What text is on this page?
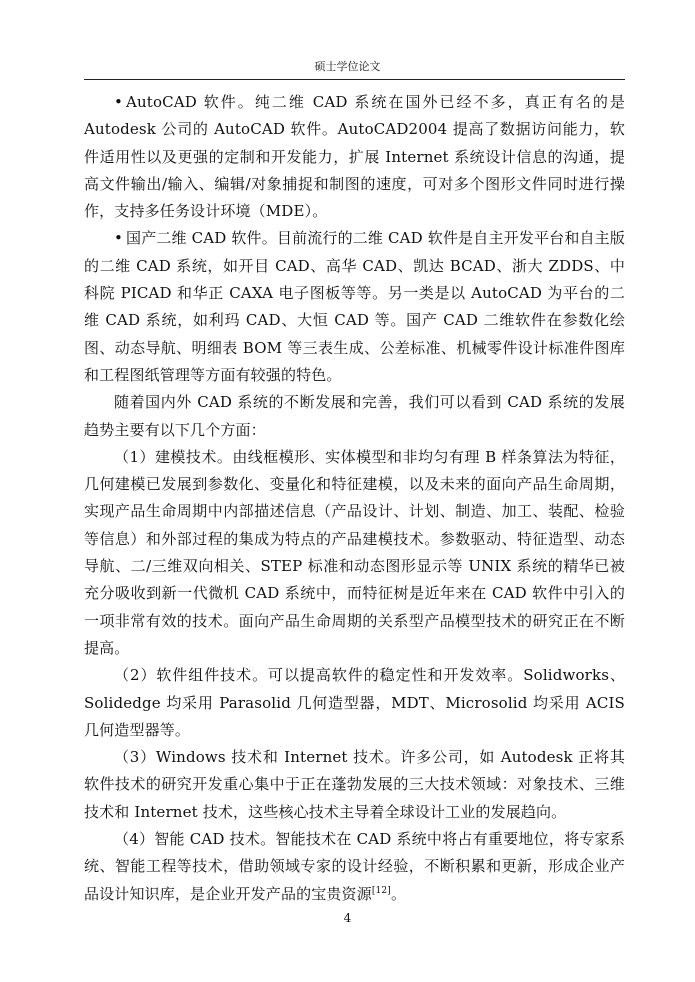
硕士学位论文

• AutoCAD 软件。纯二维 CAD 系统在国外已经不多，真正有名的是 Autodesk 公司的 AutoCAD 软件。AutoCAD2004 提高了数据访问能力，软件适用性以及更强的定制和开发能力，扩展 Internet 系统设计信息的沟通，提高文件输出/输入、编辑/对象捕捉和制图的速度，可对多个图形文件同时进行操作，支持多任务设计环境（MDE）。

• 国产二维 CAD 软件。目前流行的二维 CAD 软件是自主开发平台和自主版的二维 CAD 系统，如开目 CAD、高华 CAD、凯达 BCAD、浙大 ZDDS、中科院 PICAD 和华正 CAXA 电子图板等等。另一类是以 AutoCAD 为平台的二维 CAD 系统，如利玛 CAD、大恒 CAD 等。国产 CAD 二维软件在参数化绘图、动态导航、明细表 BOM 等三表生成、公差标准、机械零件设计标准件图库和工程图纸管理等方面有较强的特色。

随着国内外 CAD 系统的不断发展和完善，我们可以看到 CAD 系统的发展趋势主要有以下几个方面：

（1）建模技术。由线框模形、实体模型和非均匀有理 B 样条算法为特征，几何建模已发展到参数化、变量化和特征建模，以及未来的面向产品生命周期，实现产品生命周期中内部描述信息（产品设计、计划、制造、加工、装配、检验等信息）和外部过程的集成为特点的产品建模技术。参数驱动、特征造型、动态导航、二/三维双向相关、STEP 标准和动态图形显示等 UNIX 系统的精华已被充分吸收到新一代微机 CAD 系统中，而特征树是近年来在 CAD 软件中引入的一项非常有效的技术。面向产品生命周期的关系型产品模型技术的研究正在不断提高。

（2）软件组件技术。可以提高软件的稳定性和开发效率。Solidworks、Solidedge 均采用 Parasolid 几何造型器，MDT、Microsolid 均采用 ACIS 几何造型器等。

（3）Windows 技术和 Internet 技术。许多公司，如 Autodesk 正将其软件技术的研究开发重心集中于正在蓬勃发展的三大技术领域：对象技术、三维技术和 Internet 技术，这些核心技术主导着全球设计工业的发展趋向。

（4）智能 CAD 技术。智能技术在 CAD 系统中将占有重要地位，将专家系统、智能工程等技术，借助领域专家的设计经验，不断积累和更新，形成企业产品设计知识库，是企业开发产品的宝贵资源[12]。

4
